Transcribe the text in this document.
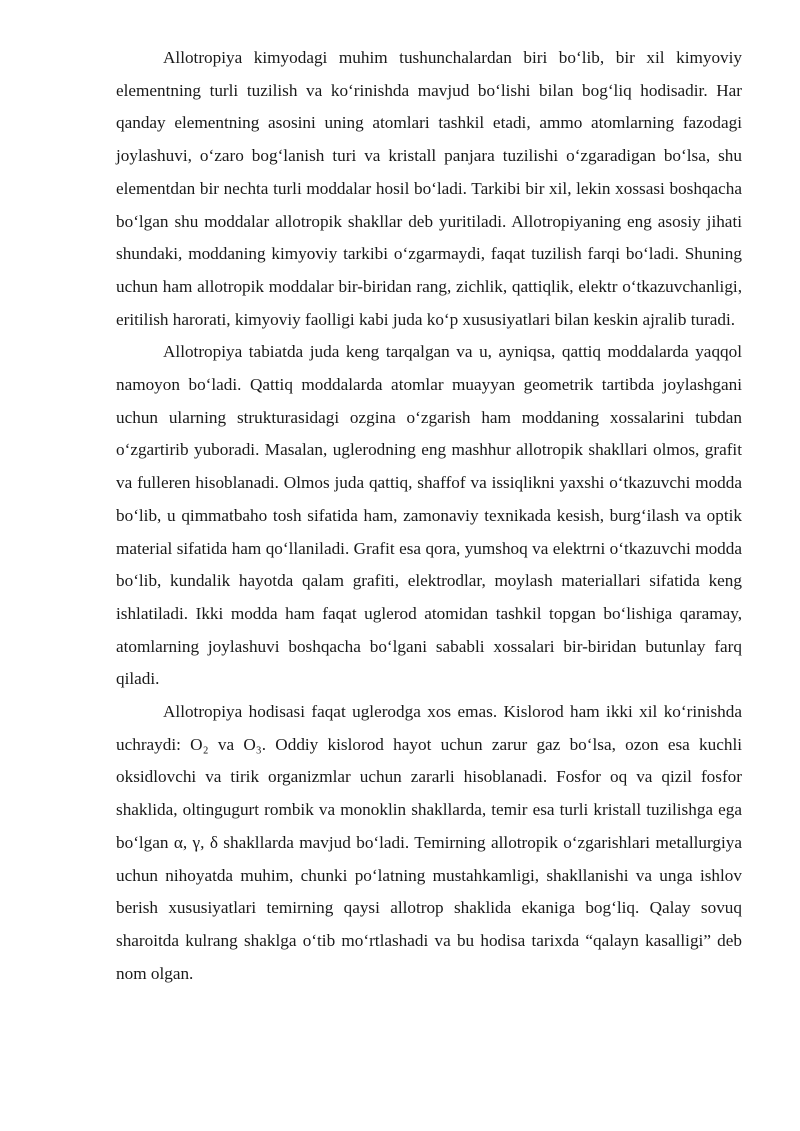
Allotropiya kimyodagi muhim tushunchalardan biri bo‘lib, bir xil kimyoviy elementning turli tuzilish va ko‘rinishda mavjud bo‘lishi bilan bog‘liq hodisadir. Har qanday elementning asosini uning atomlari tashkil etadi, ammo atomlarning fazodagi joylashuvi, o‘zaro bog‘lanish turi va kristall panjara tuzilishi o‘zgaradigan bo‘lsa, shu elementdan bir nechta turli moddalar hosil bo‘ladi. Tarkibi bir xil, lekin xossasi boshqacha bo‘lgan shu moddalar allotropik shakllar deb yuritiladi. Allotropiyaning eng asosiy jihati shundaki, moddaning kimyoviy tarkibi o‘zgarmaydi, faqat tuzilish farqi bo‘ladi. Shuning uchun ham allotropik moddalar bir-biridan rang, zichlik, qattiqlik, elektr o‘tkazuvchanligi, eritilish harorati, kimyoviy faolligi kabi juda ko‘p xususiyatlari bilan keskin ajralib turadi.

Allotropiya tabiatda juda keng tarqalgan va u, ayniqsa, qattiq moddalarda yaqqol namoyon bo‘ladi. Qattiq moddalarda atomlar muayyan geometrik tartibda joylashgani uchun ularning strukturasidagi ozgina o‘zgarish ham moddaning xossalarini tubdan o‘zgartirib yuboradi. Masalan, uglerodning eng mashhur allotropik shakllari olmos, grafit va fulleren hisoblanadi. Olmos juda qattiq, shaffof va issiqlikni yaxshi o‘tkazuvchi modda bo‘lib, u qimmatbaho tosh sifatida ham, zamonaviy texnikada kesish, burg‘ilash va optik material sifatida ham qo‘llaniladi. Grafit esa qora, yumshoq va elektrni o‘tkazuvchi modda bo‘lib, kundalik hayotda qalam grafiti, elektrodlar, moylash materiallari sifatida keng ishlatiladi. Ikki modda ham faqat uglerod atomidan tashkil topgan bo‘lishiga qaramay, atomlarning joylashuvi boshqacha bo‘lgani sababli xossalari bir-biridan butunlay farq qiladi.

Allotropiya hodisasi faqat uglerodga xos emas. Kislorod ham ikki xil ko‘rinishda uchraydi: O₂ va O₃. Oddiy kislorod hayot uchun zarur gaz bo‘lsa, ozon esa kuchli oksidlovchi va tirik organizmlar uchun zararli hisoblanadi. Fosfor oq va qizil fosfor shaklida, oltingugurt rombik va monoklin shakllarda, temir esa turli kristall tuzilishga ega bo‘lgan α, γ, δ shakllarda mavjud bo‘ladi. Temirning allotropik o‘zgarishlari metallurgiya uchun nihoyatda muhim, chunki po‘latning mustahkamligi, shakllanishi va unga ishlov berish xususiyatlari temirning qaysi allotrop shaklida ekaniga bog‘liq. Qalay sovuq sharoitda kulrang shaklga o‘tib mo‘rtlashadi va bu hodisa tarixda “qalayn kasalligi” deb nom olgan.
